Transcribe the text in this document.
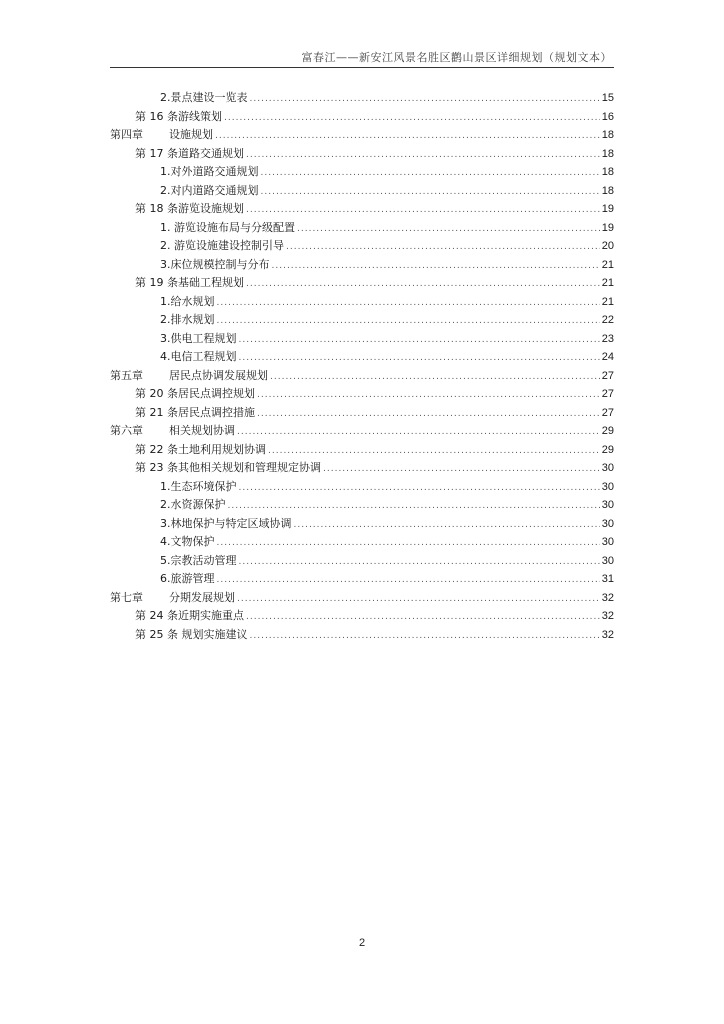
富春江——新安江风景名胜区鹳山景区详细规划（规划文本）
2.景点建设一览表 .....	15
第 16 条游线策划 .....	16
第四章 设施规划 .....	18
第 17 条道路交通规划 .....	18
1.对外道路交通规划 .....	18
2.对内道路交通规划 .....	18
第 18 条游览设施规划 .....	19
1. 游览设施布局与分级配置 .....	19
2. 游览设施建设控制引导 .....	20
3.床位规模控制与分布 .....	21
第 19 条基础工程规划 .....	21
1.给水规划 .....	21
2.排水规划 .....	22
3.供电工程规划 .....	23
4.电信工程规划 .....	24
第五章 居民点协调发展规划 .....	27
第 20 条居民点调控规划 .....	27
第 21 条居民点调控措施 .....	27
第六章 相关规划协调 .....	29
第 22 条土地利用规划协调 .....	29
第 23 条其他相关规划和管理规定协调 .....	30
1.生态环境保护 .....	30
2.水资源保护 .....	30
3.林地保护与特定区域协调 .....	30
4.文物保护 .....	30
5.宗教活动管理 .....	30
6.旅游管理 .....	31
第七章 分期发展规划 .....	32
第 24 条近期实施重点 .....	32
第 25 条 规划实施建议 .....	32
2
